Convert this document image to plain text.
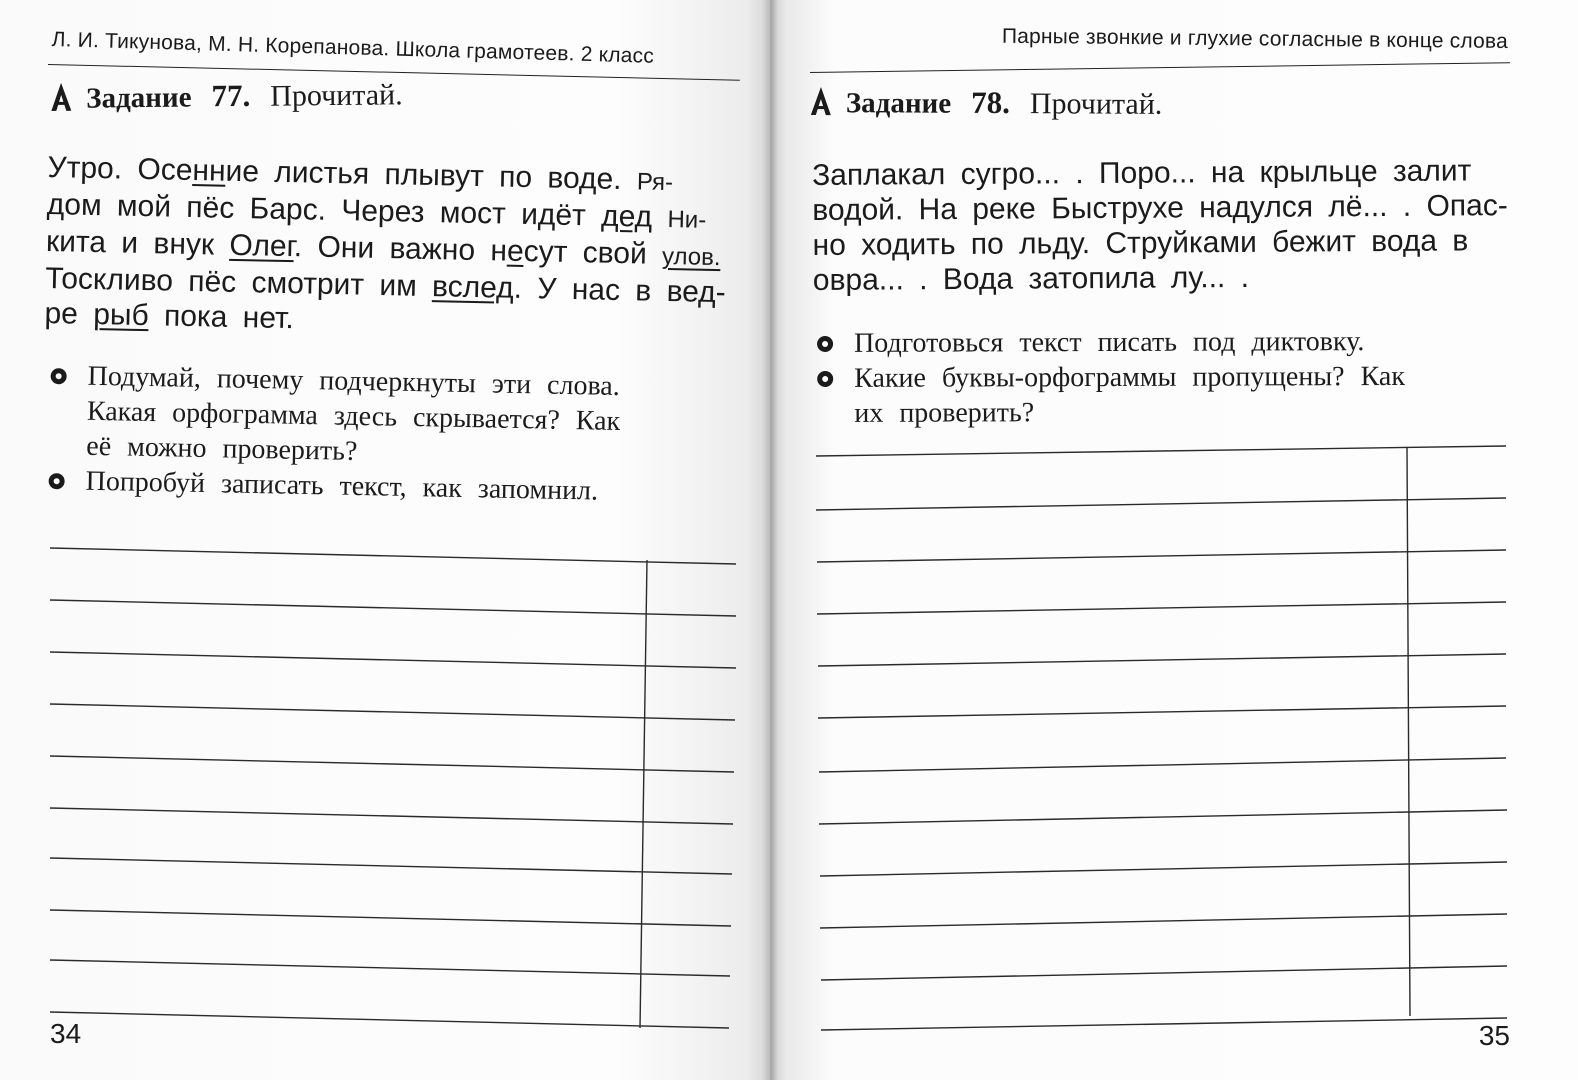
Л. И. Тикунова, М. Н. Корепанова. Школа грамотеев. 2 класс
Задание 77. Прочитай.
Утро. Осенние листья плывут по воде. Ря-
дом мой пёс Барс. Через мост идёт дед Ни-
кита и внук Олег. Они важно несут свой улов.
Тоскливо пёс смотрит им вслед. У нас в вед-
ре рыб пока нет.
Подумай, почему подчеркнуты эти слова.
Какая орфограмма здесь скрывается? Как
её можно проверить?
Попробуй записать текст, как запомнил.
34
Парные звонкие и глухие согласные в конце слова
Задание 78. Прочитай.
Заплакал сугро... . Поро... на крыльце залит
водой. На реке Быструхе надулся лё... . Опас-
но ходить по льду. Струйками бежит вода в
овра... . Вода затопила лу... .
Подготовься текст писать под диктовку.
Какие буквы-орфограммы пропущены? Как
их проверить?
35
